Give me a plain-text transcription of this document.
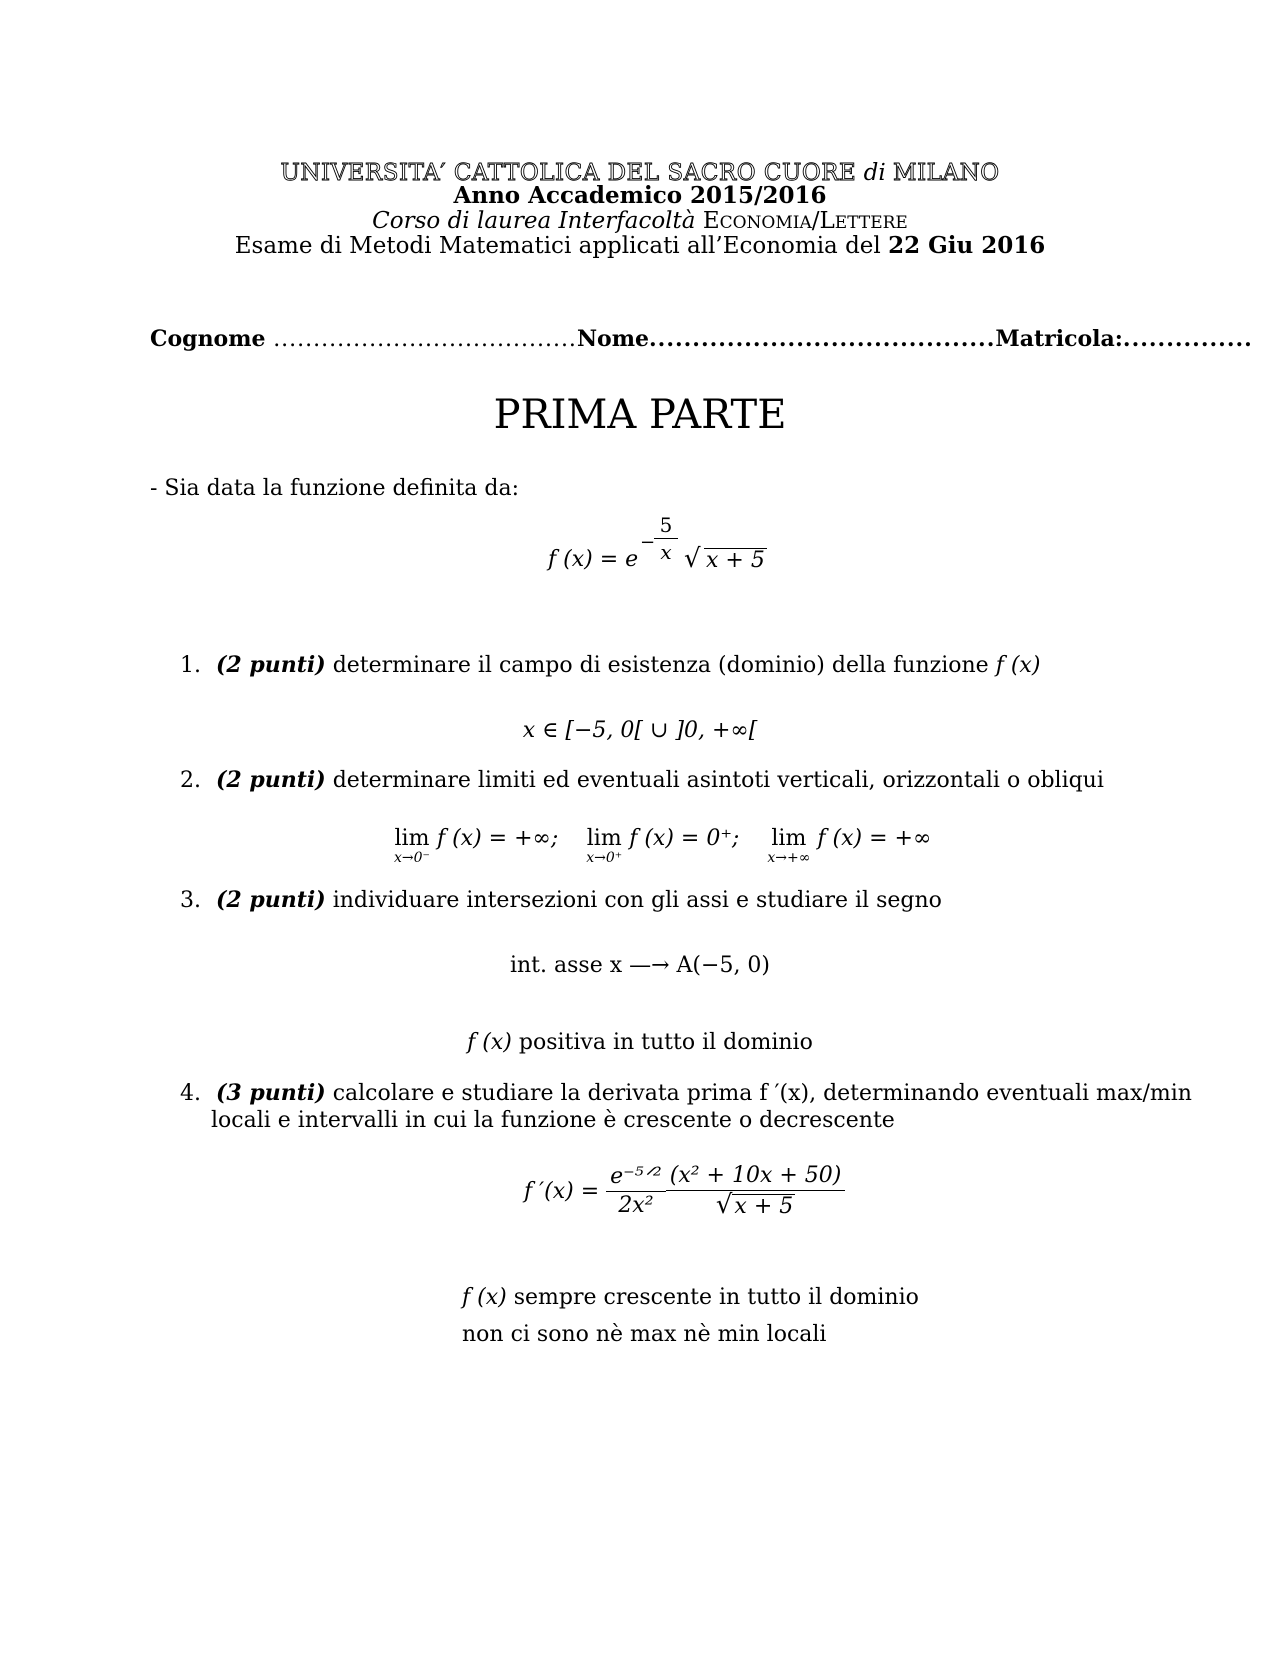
UNIVERSITA′ CATTOLICA DEL SACRO CUORE di MILANO
Anno Accademico 2015/2016
Corso di laurea Interfacoltà ECONOMIA/LETTERE
Esame di Metodi Matematici applicati all’Economia del 22 Giu 2016
Cognome ......................................Nome........................................Matricola:...............
PRIMA PARTE
- Sia data la funzione definita da:
f (x) = e
−
5
x √ x + 5
1. (2 punti) determinare il campo di esistenza (dominio) della funzione f (x)
x ∈ [−5, 0[ ∪ ]0, +∞[
2. (2 punti) determinare limiti ed eventuali asintoti verticali, orizzontali o obliqui
lim
x→0⁻
f (x) = +∞; lim
x→0⁺
f (x) = 0⁺; lim
x→+∞
f (x) = +∞
3. (2 punti) individuare intersezioni con gli assi e studiare il segno
int. asse x —→ A(−5, 0)
f (x) positiva in tutto il dominio
4. (3 punti) calcolare e studiare la derivata prima f ′(x), determinando eventuali max/min
locali e intervalli in cui la funzione è crescente o decrescente
f $'(x) = \frac{\text{e⁻⁵ᐟ²}}{\text{2x²}} \frac{\text{(x² + 10x + 50)}}{√x + 5}$
f (x) sempre crescente in tutto il dominio
non ci sono nè max nè min locali
